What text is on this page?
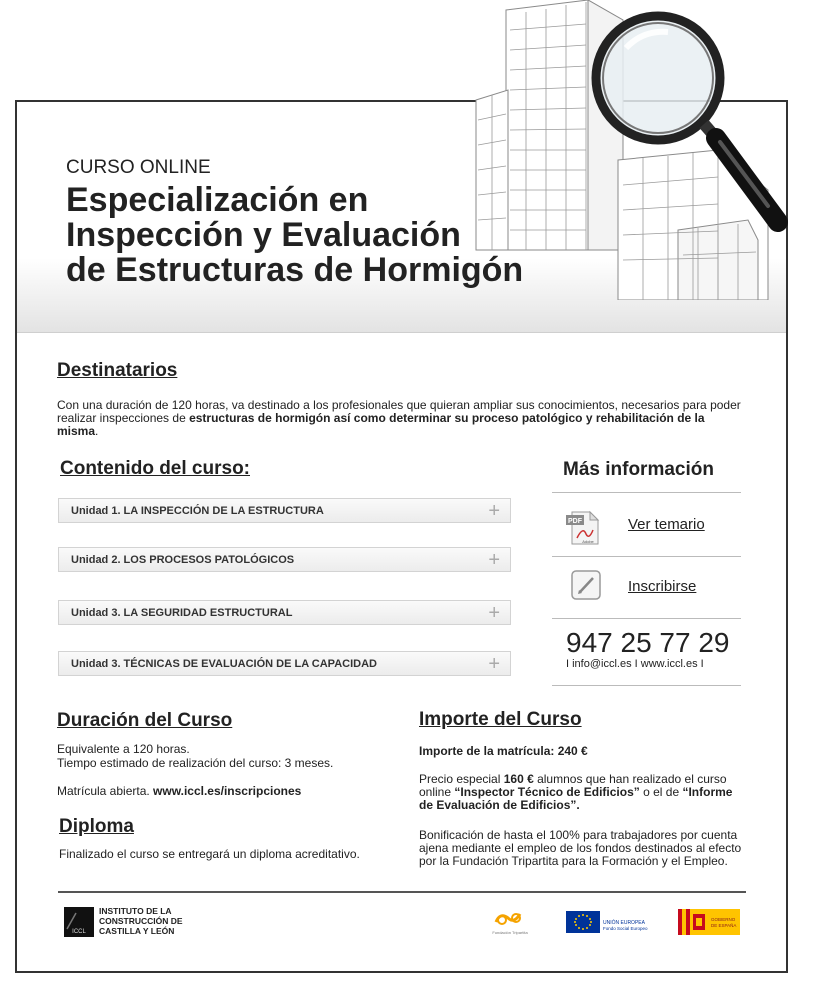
CURSO ONLINE
Especialización en
Inspección y Evaluación
de Estructuras de Hormigón
Destinatarios
Con una duración de 120 horas, va destinado a los profesionales que quieran ampliar sus conocimientos, necesarios para poder realizar inspecciones de estructuras de hormigón así como determinar su proceso patológico y rehabilitación de la misma.
Contenido del curso:
Unidad 1. LA INSPECCIÓN DE LA ESTRUCTURA	+
Unidad 2. LOS PROCESOS PATOLÓGICOS	+
Unidad 3. LA SEGURIDAD ESTRUCTURAL	+
Unidad 3. TÉCNICAS DE EVALUACIÓN DE LA CAPACIDAD	+
Más información
PDF
Adobe
Ver temario
Inscribirse
947 25 77 29
I info@iccl.es I www.iccl.es I
Duración del Curso
Equivalente a 120 horas.
Tiempo estimado de realización del curso: 3 meses.
Matrícula abierta. www.iccl.es/inscripciones
Diploma
Finalizado el curso se entregará un diploma acreditativo.
Importe del Curso
Importe de la matrícula: 240 €
Precio especial 160 € alumnos que han realizado el curso online “Inspector Técnico de Edificios” o el de “Informe de Evaluación de Edificios”.
Bonificación de hasta el 100% para trabajadores por cuenta ajena mediante el empleo de los fondos destinados al efecto por la Fundación Tripartita para la Formación y el Empleo.
ICCL
INSTITUTO DE LA
CONSTRUCCIÓN DE
CASTILLA Y LEÓN	Fundación Tripartita
UNIÓN EUROPEA
Fondo Social Europeo
GOBIERNO
DE ESPAÑA
